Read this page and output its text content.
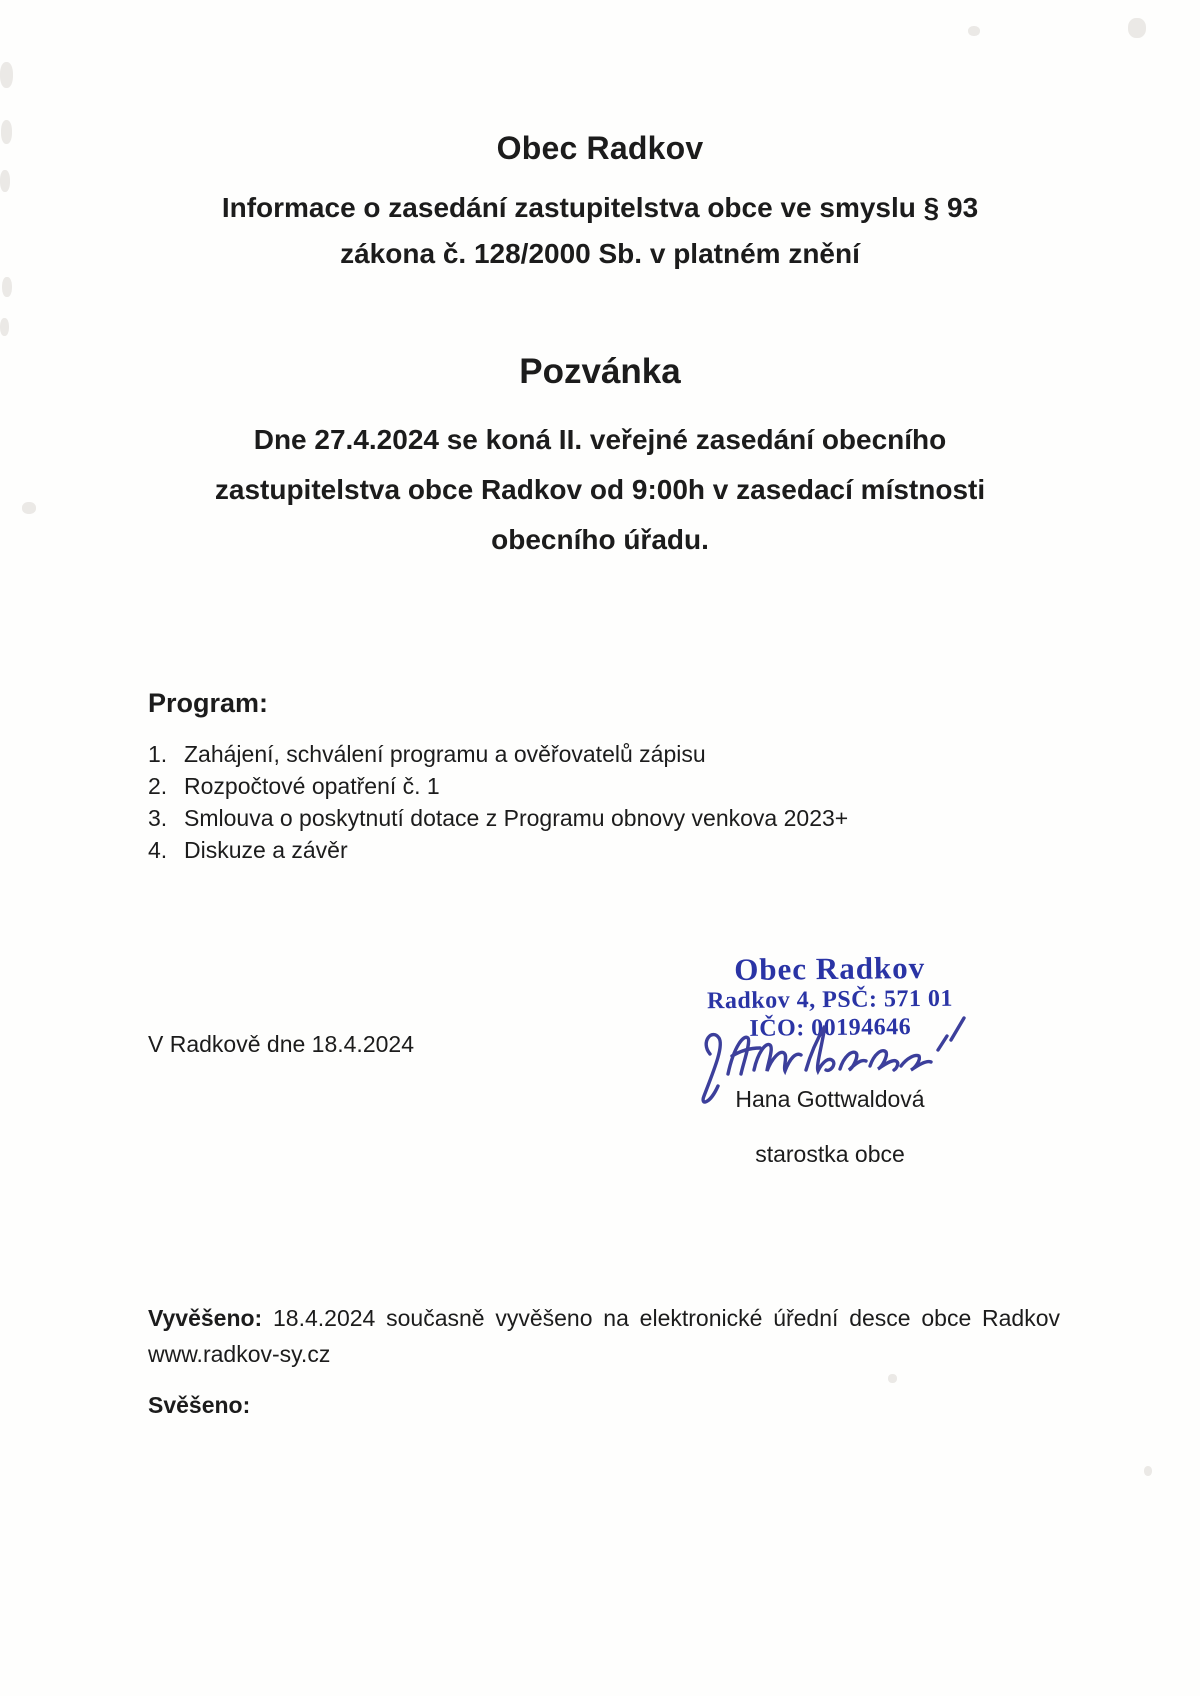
Obec Radkov
Informace o zasedání zastupitelstva obce ve smyslu § 93
zákona č. 128/2000 Sb. v platném znění
Pozvánka
Dne 27.4.2024 se koná II. veřejné zasedání obecního
zastupitelstva obce Radkov od 9:00h v zasedací místnosti
obecního úřadu.
Program:
1. Zahájení, schválení programu a ověřovatelů zápisu
2. Rozpočtové opatření č. 1
3. Smlouva o poskytnutí dotace z Programu obnovy venkova 2023+
4. Diskuze a závěr
V Radkově dne 18.4.2024
Obec Radkov
Radkov 4, PSČ: 571 01
IČO: 00194646
Hana Gottwaldová
starostka obce
Vyvěšeno: 18.4.2024 současně vyvěšeno na elektronické úřední desce obce Radkov
www.radkov-sy.cz
Svěšeno:
